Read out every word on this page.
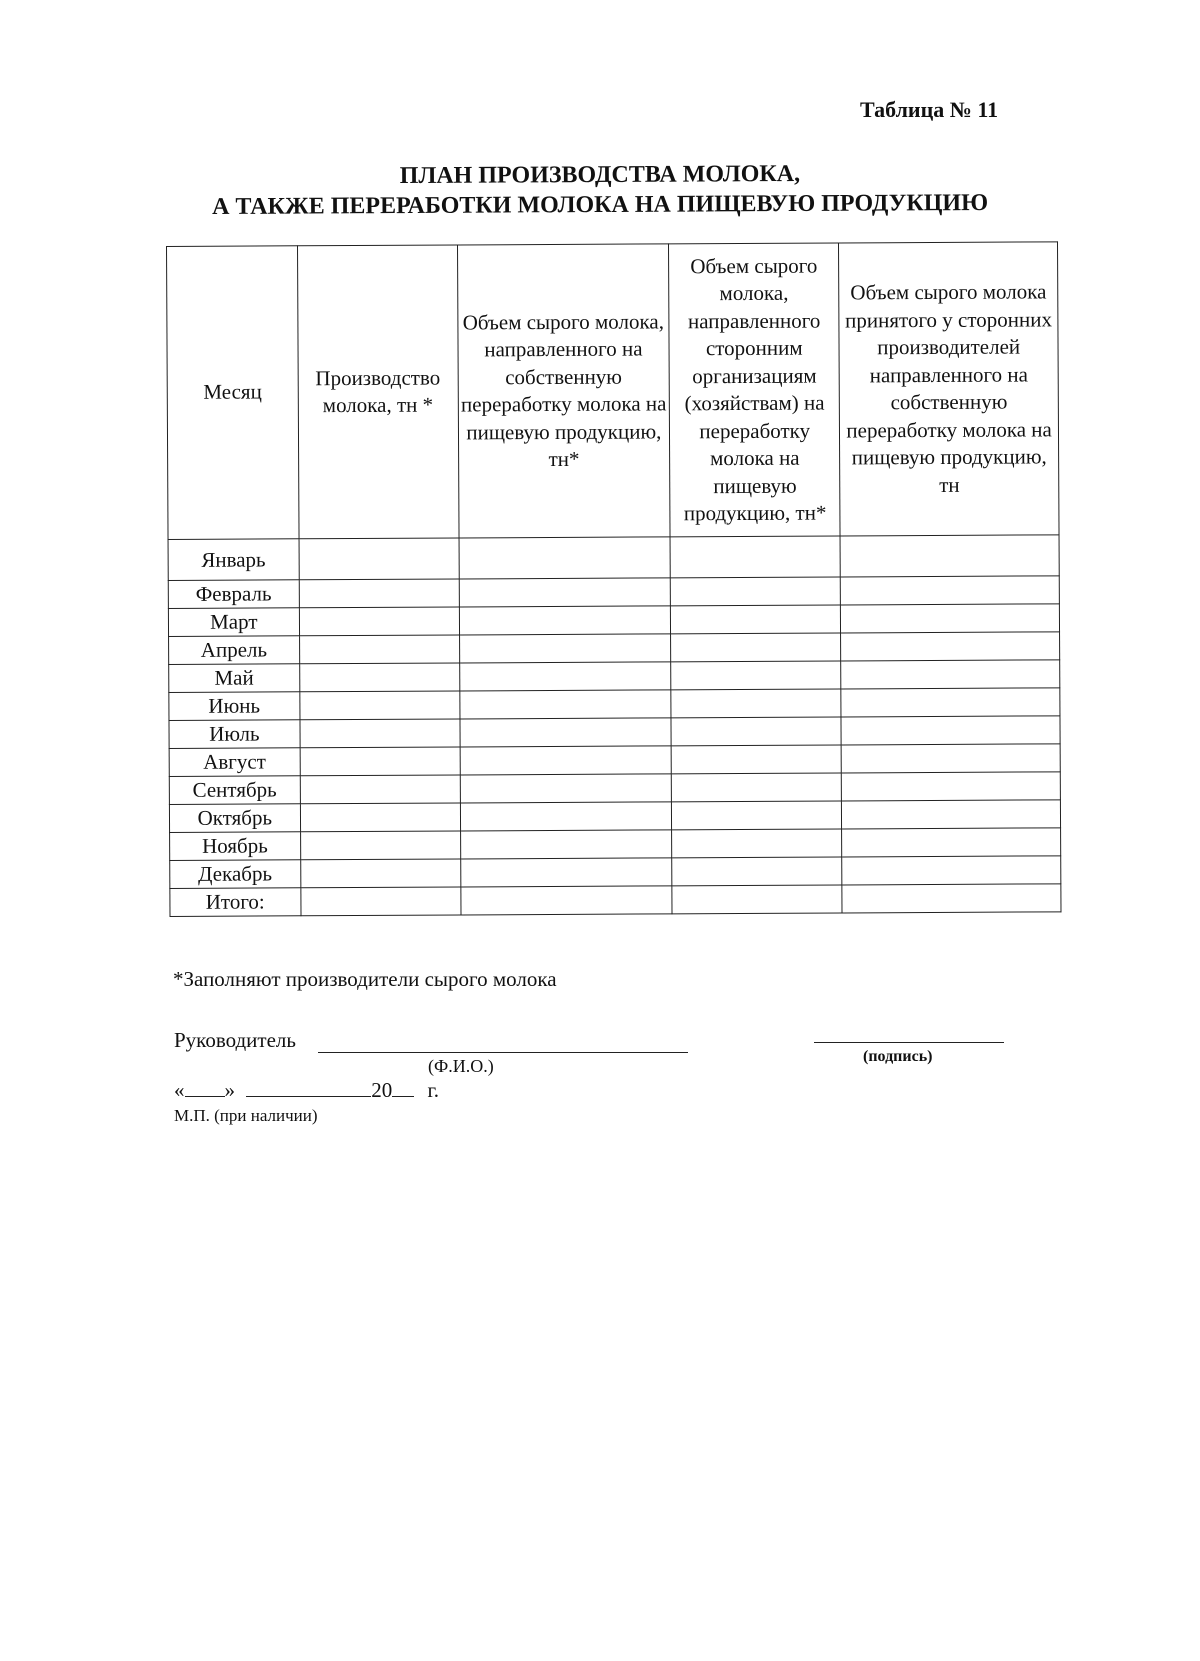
Таблица № 11
ПЛАН ПРОИЗВОДСТВА МОЛОКА,
А ТАКЖЕ ПЕРЕРАБОТКИ МОЛОКА НА ПИЩЕВУЮ ПРОДУКЦИЮ
Месяц	Производство молока, тн *	Объем сырого молока, направленного на собственную переработку молока на пищевую продукцию, тн*	Объем сырого молока, направленного сторонним организациям (хозяйствам) на переработку молока на пищевую продукцию, тн*	Объем сырого молока принятого у сторонних производителей направленного на собственную переработку молока на пищевую продукцию, тн
Январь				
Февраль				
Март				
Апрель				
Май				
Июнь				
Июль				
Август				
Сентябрь				
Октябрь				
Ноябрь				
Декабрь				
Итого:				
*Заполняют производители сырого молока
Руководитель
(Ф.И.О.)	(подпись)
« »	20 г.
М.П. (при наличии)
